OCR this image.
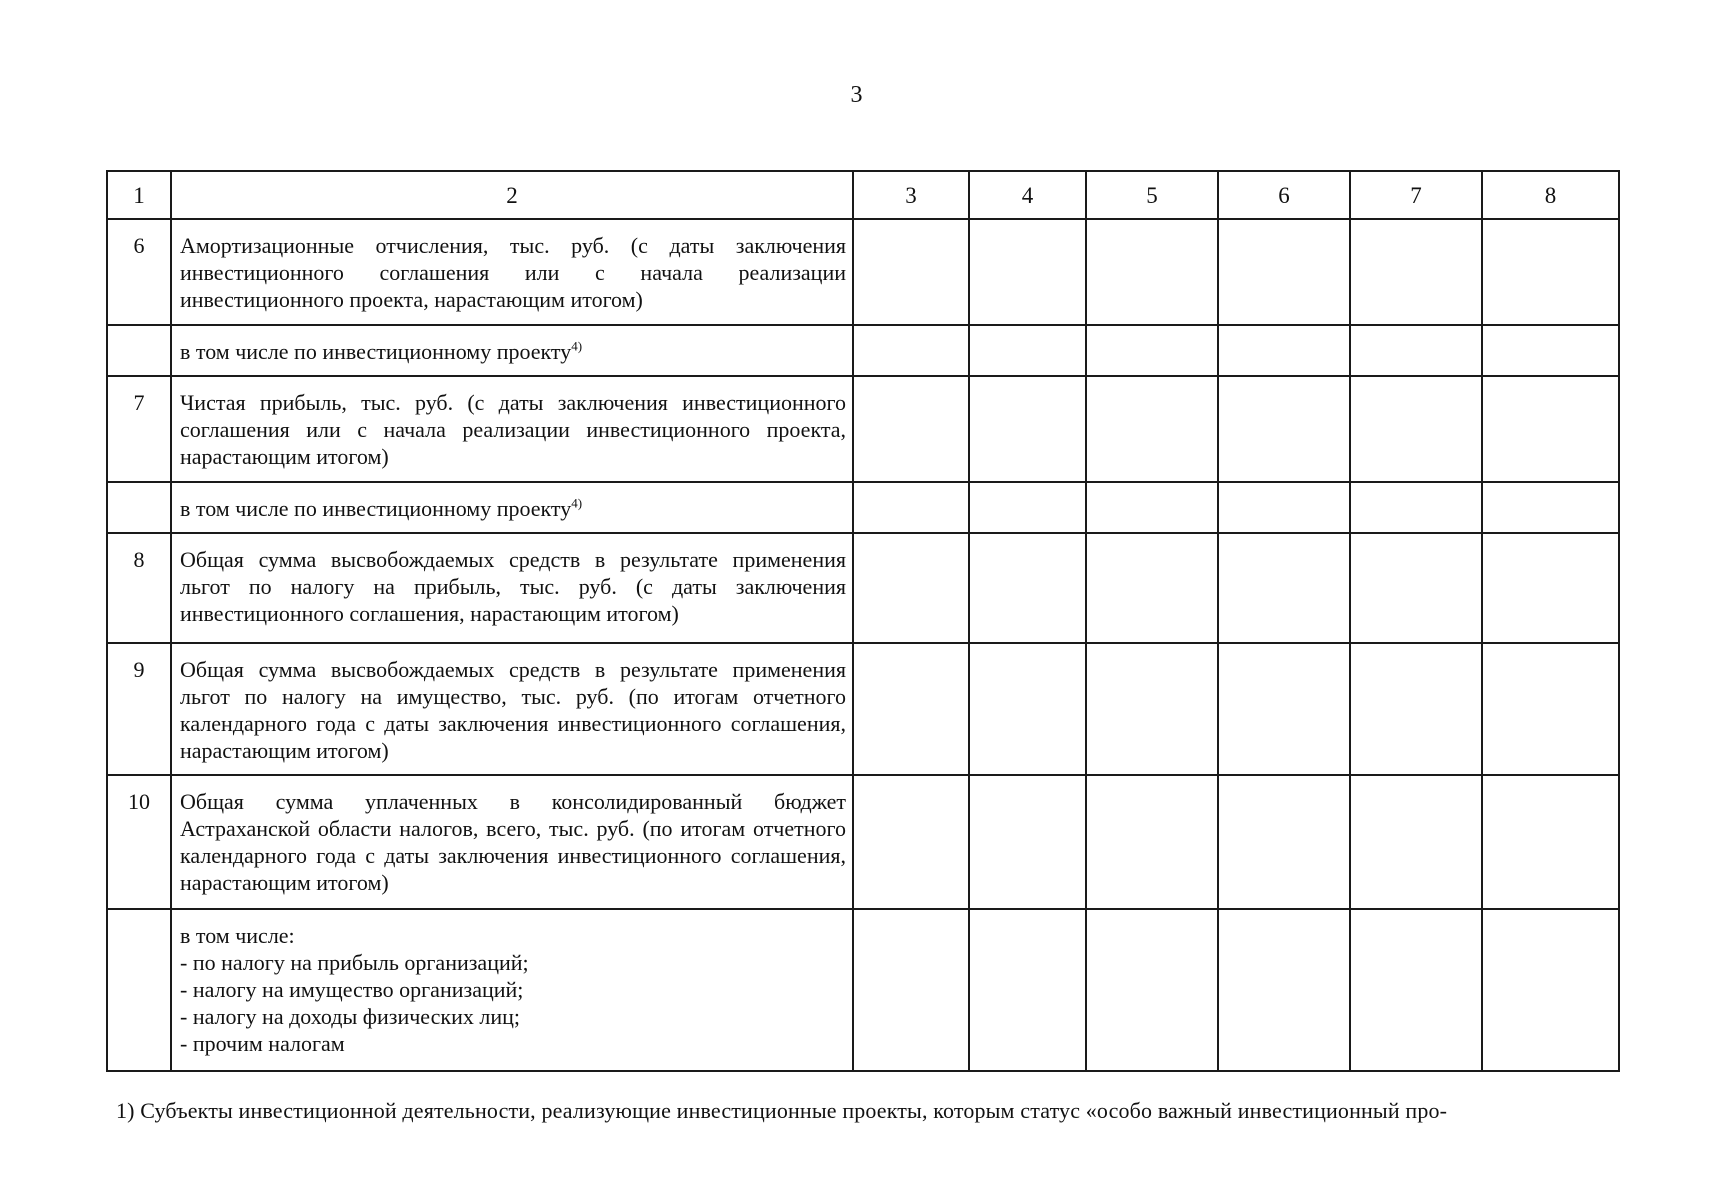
3
1	2	3	4	5	6	7	8
6	Амортизационные отчисления, тыс. руб. (с даты заключения инвестиционного соглашения или с начала реализации инвестиционного проекта, нарастающим итогом)						
	в том числе по инвестиционному проекту$^{4)}$						
7	Чистая прибыль, тыс. руб. (с даты заключения инвестиционного соглашения или с начала реализации инвестиционного проекта, нарастающим итогом)						
	в том числе по инвестиционному проекту$^{4)}$						
8	Общая сумма высвобождаемых средств в результате применения льгот по налогу на прибыль, тыс. руб. (с даты заключения инвестиционного соглашения, нарастающим итогом)						
9	Общая сумма высвобождаемых средств в результате применения льгот по налогу на имущество, тыс. руб. (по итогам отчетного календарного года с даты заключения инвестиционного соглашения, нарастающим итогом)						
10	Общая сумма уплаченных в консолидированный бюджет Астраханской области налогов, всего, тыс. руб. (по итогам отчетного календарного года с даты заключения инвестиционного соглашения, нарастающим итогом)						

	в том числе:
- по налогу на прибыль организаций;
- налогу на имущество организаций;
- налогу на доходы физических лиц;
- прочим налогам						

1) Субъекты инвестиционной деятельности, реализующие инвестиционные проекты, которым статус «особо важный инвестиционный про-
